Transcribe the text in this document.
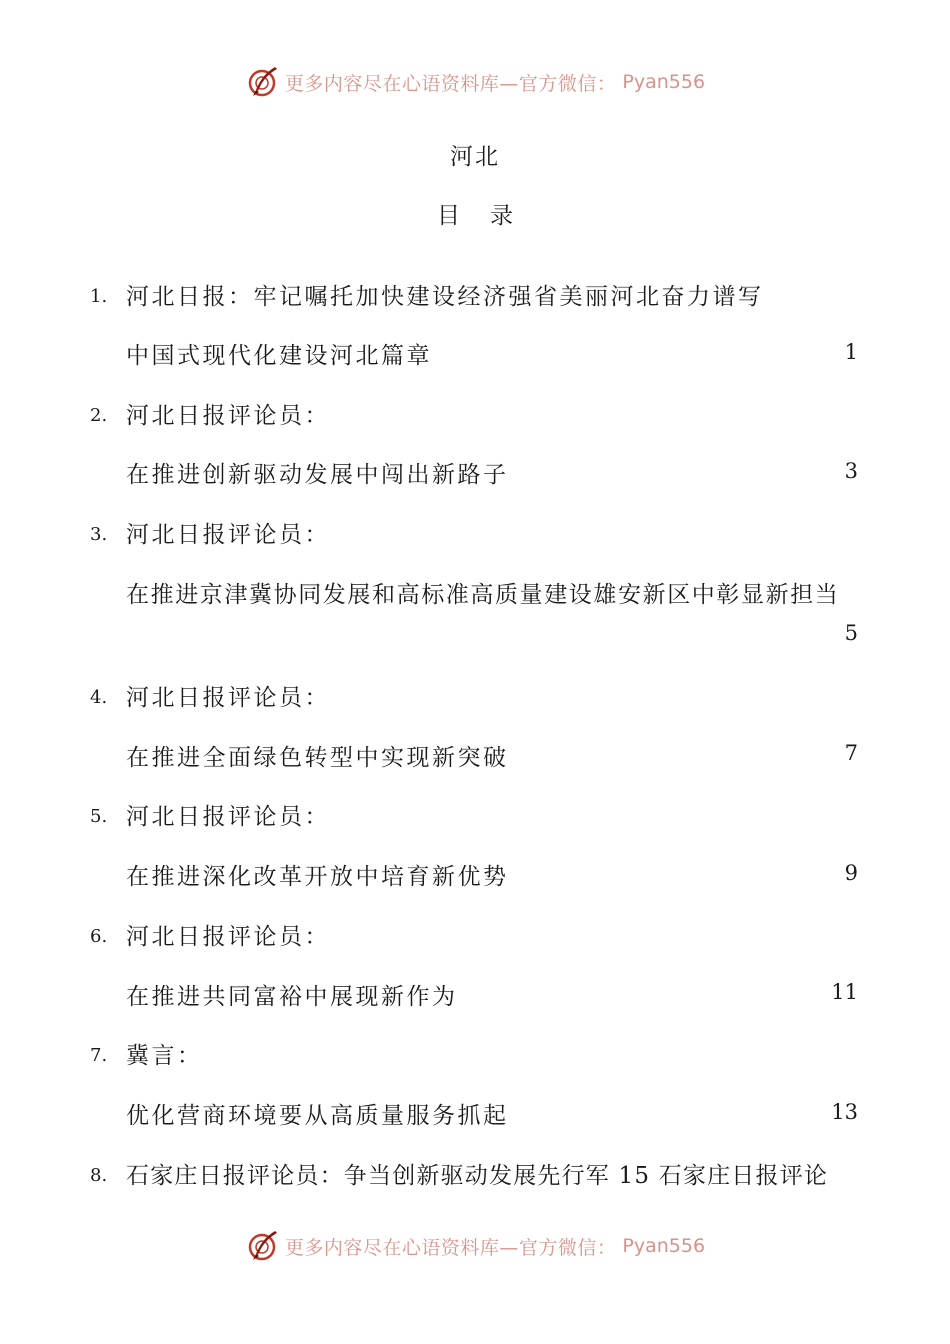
更多内容尽在心语资料库—官方微信： Pyan556
河北
目录
1. 河北日报：牢记嘱托加快建设经济强省美丽河北奋力谱写
中国式现代化建设河北篇章	1
2. 河北日报评论员：
在推进创新驱动发展中闯出新路子	3
3. 河北日报评论员：
在推进京津冀协同发展和高标准高质量建设雄安新区中彰显新担当
5
4. 河北日报评论员：
在推进全面绿色转型中实现新突破	7
5. 河北日报评论员：
在推进深化改革开放中培育新优势	9
6. 河北日报评论员：
在推进共同富裕中展现新作为	11
7. 冀言：
优化营商环境要从高质量服务抓起	13
8. 石家庄日报评论员：争当创新驱动发展先行军 15 石家庄日报评论
更多内容尽在心语资料库—官方微信： Pyan556
